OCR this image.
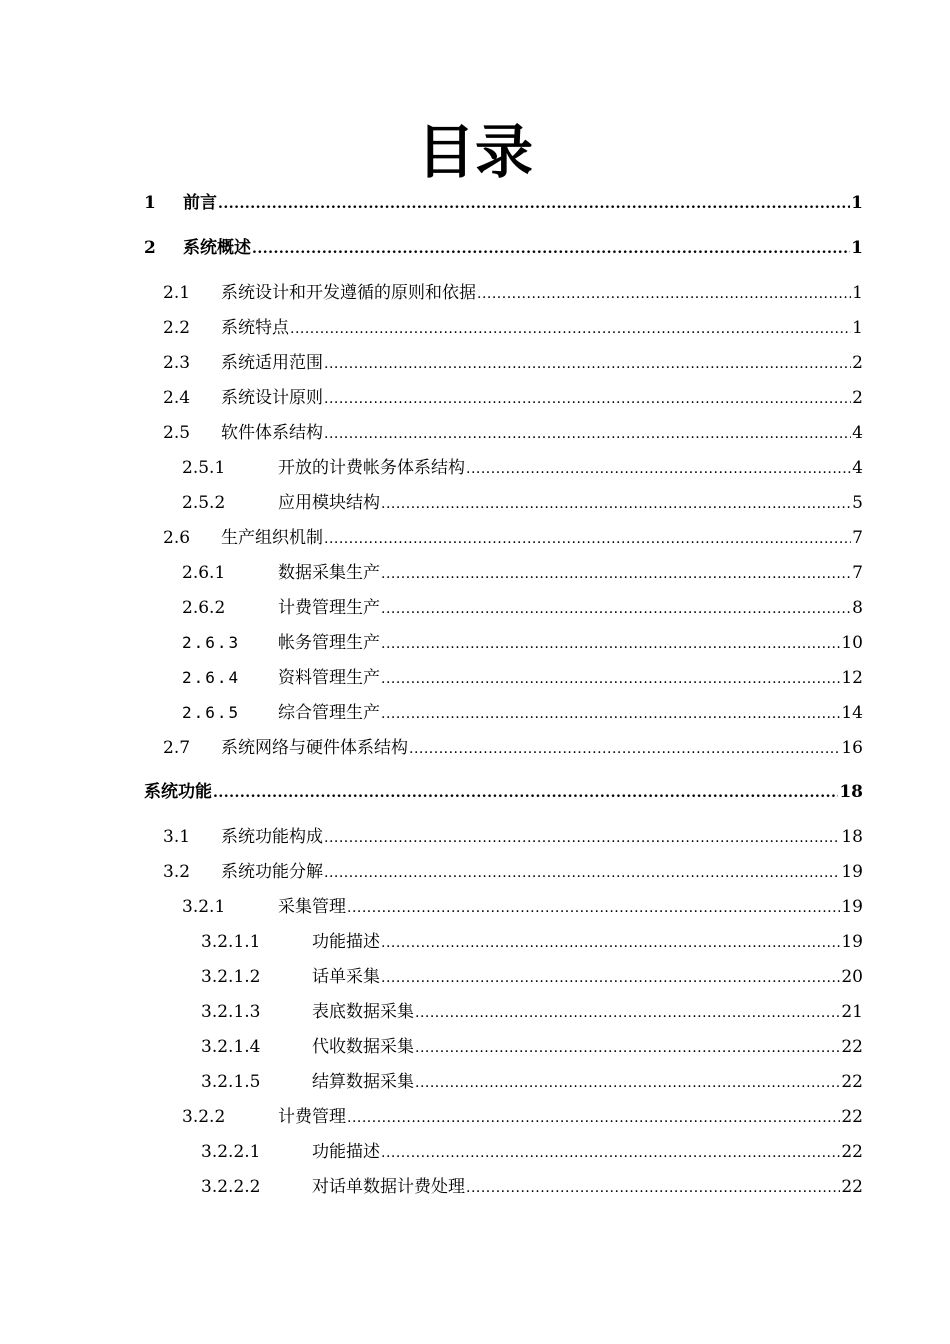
目录
1	前言 .....	1
2	系统概述 .....	1
2.1	系统设计和开发遵循的原则和依据 .....	1
2.2	系统特点 .....	1
2.3	系统适用范围 .....	2
2.4	系统设计原则 .....	2
2.5	软件体系结构 .....	4
2.5.1	开放的计费帐务体系结构 .....	4
2.5.2	应用模块结构 .....	5
2.6	生产组织机制 .....	7
2.6.1	数据采集生产 .....	7
2.6.2	计费管理生产 .....	8
2.6.3	帐务管理生产 .....	10
2.6.4	资料管理生产 .....	12
2.6.5	综合管理生产 .....	14
2.7	系统网络与硬件体系结构 .....	16
系统功能 .....	18
3.1	系统功能构成 .....	18
3.2	系统功能分解 .....	19
3.2.1	采集管理 .....	19
3.2.1.1	功能描述 .....	19
3.2.1.2	话单采集 .....	20
3.2.1.3	表底数据采集 .....	21
3.2.1.4	代收数据采集 .....	22
3.2.1.5	结算数据采集 .....	22
3.2.2	计费管理 .....	22
3.2.2.1	功能描述 .....	22
3.2.2.2	对话单数据计费处理 .....	22
